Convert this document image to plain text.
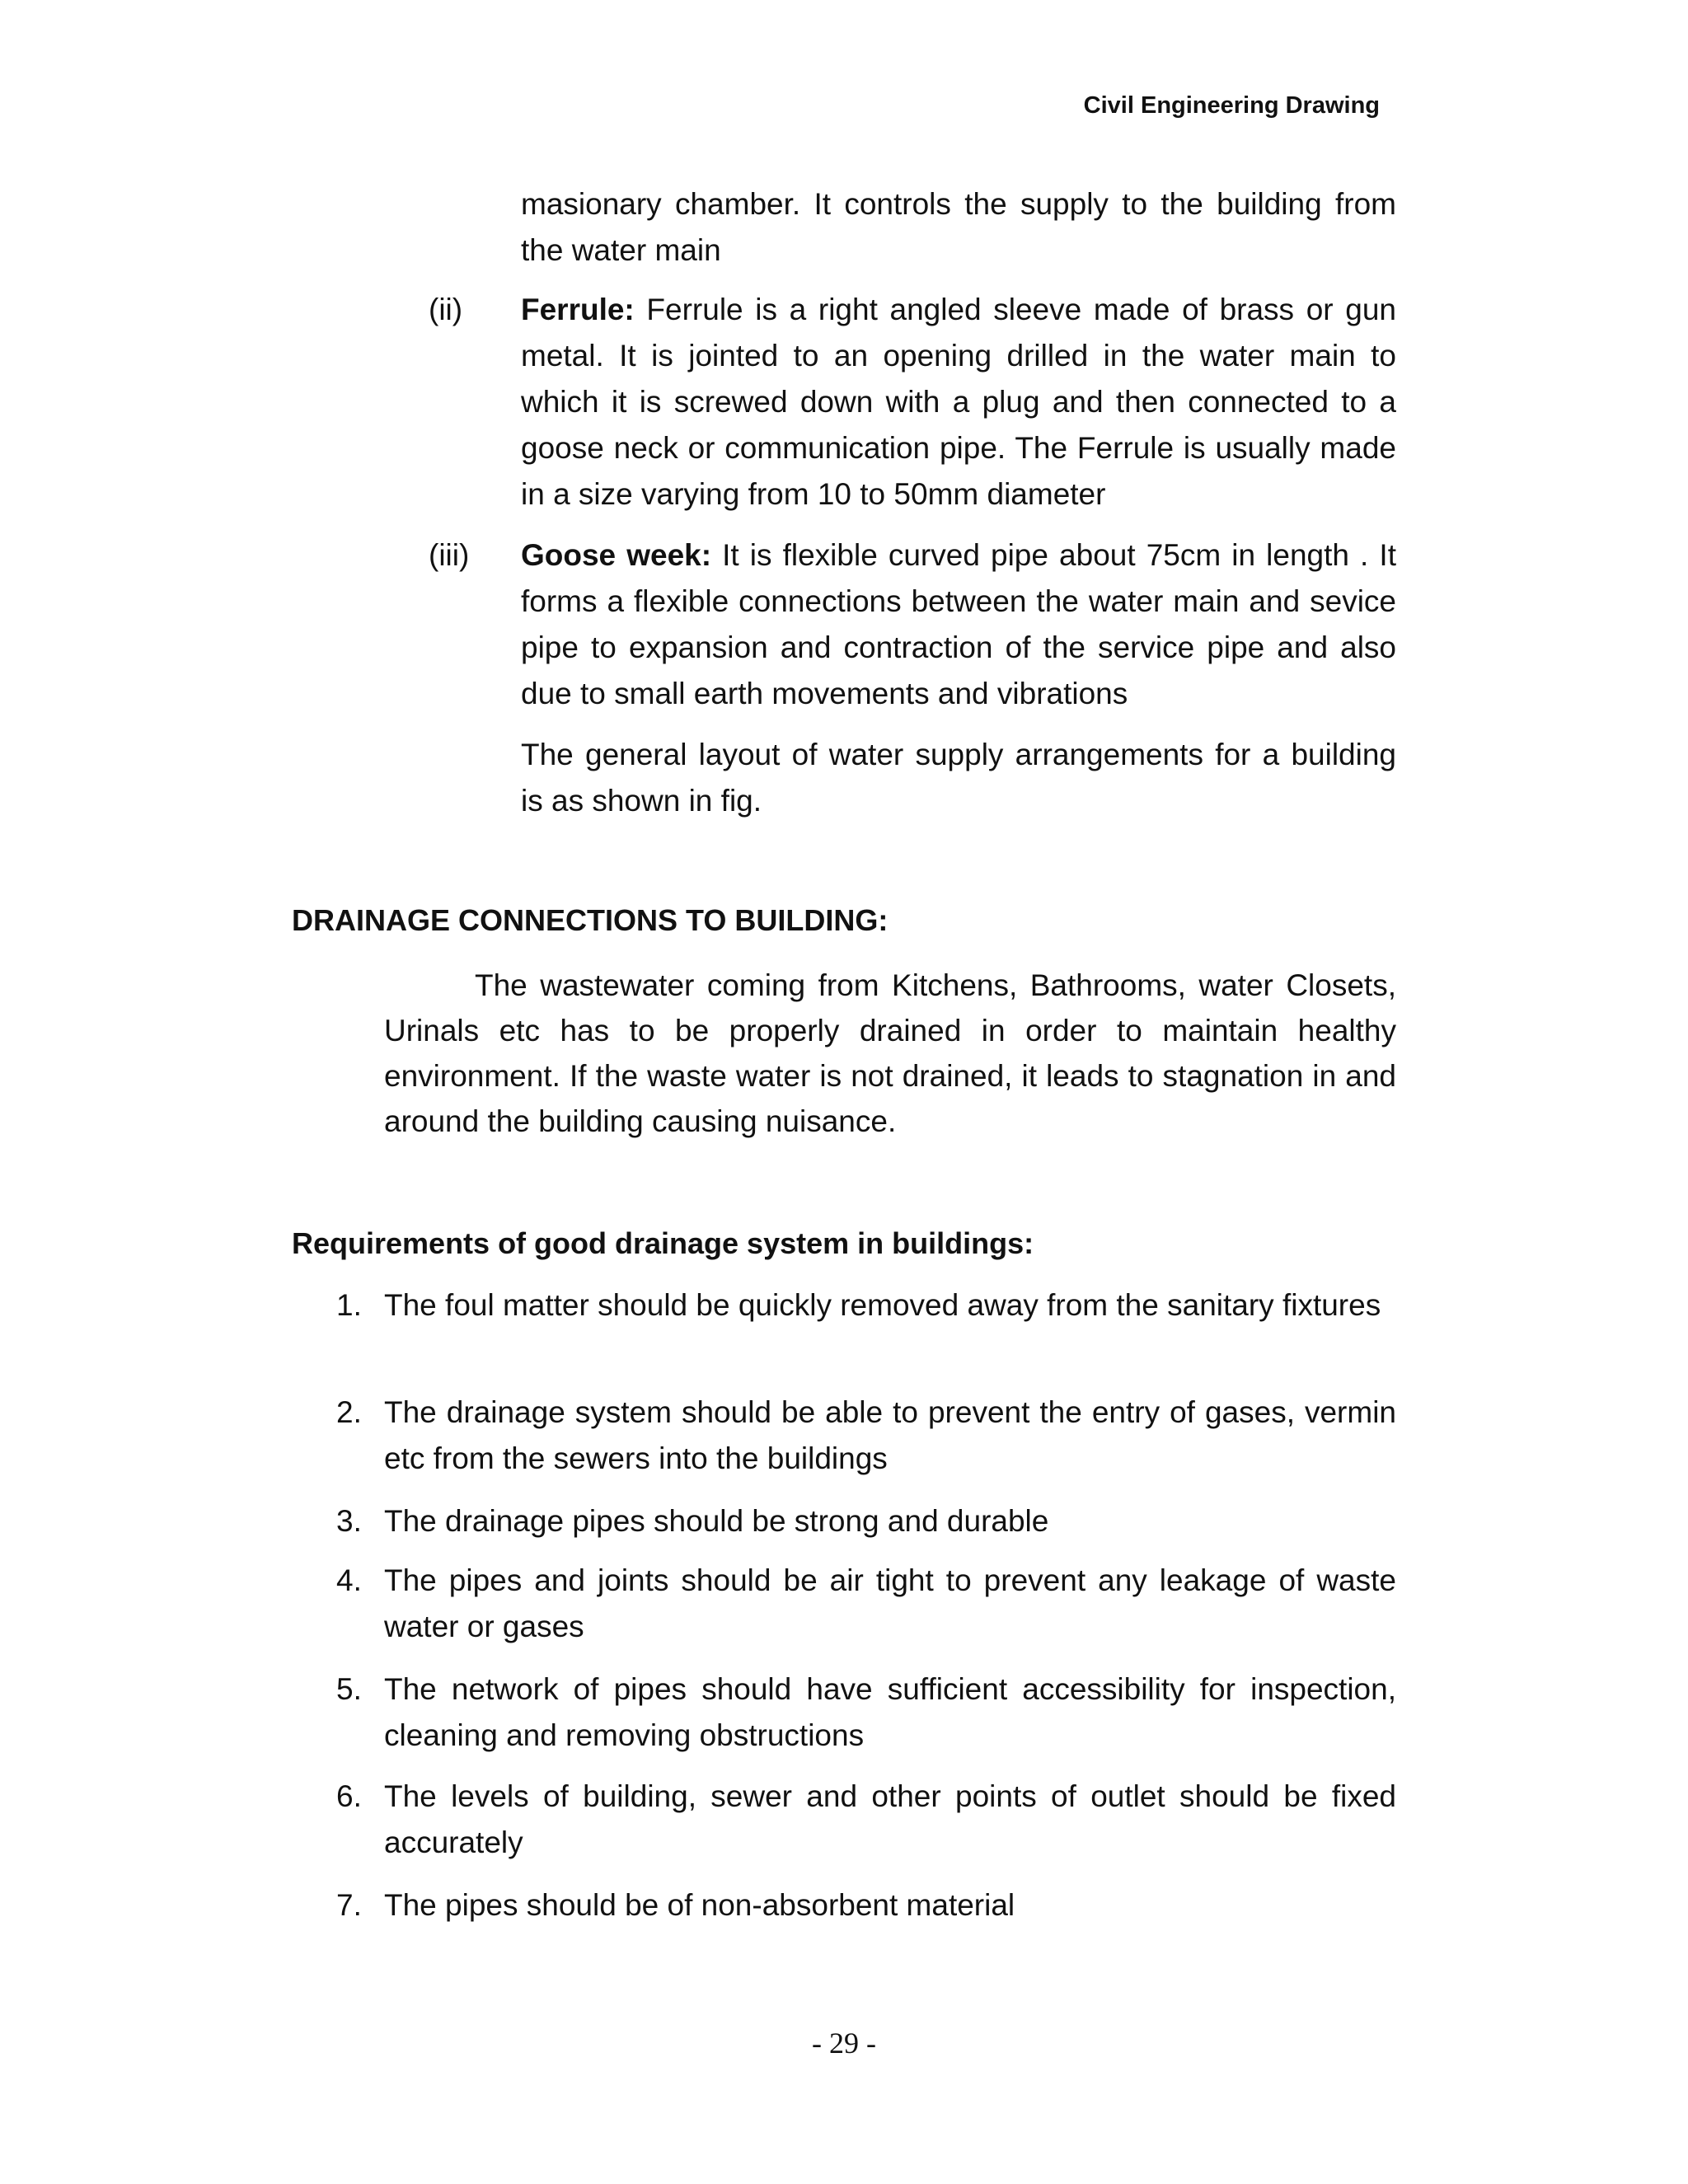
Civil Engineering Drawing
masionary chamber. It controls the supply to the building from the water main
(ii) Ferrule: Ferrule is a right angled sleeve made of brass or gun metal. It is jointed to an opening drilled in the water main to which it is screwed down with a plug and then connected to a goose neck or communication pipe. The Ferrule is usually made in a size varying from 10 to 50mm diameter
(iii) Goose week: It is flexible curved pipe about 75cm in length . It forms a flexible connections between the water main and sevice pipe to expansion and contraction of the service pipe and also due to small earth movements and vibrations
The general layout of water supply arrangements for a building is as shown in fig.
DRAINAGE CONNECTIONS TO BUILDING:
The wastewater coming from Kitchens, Bathrooms, water Closets, Urinals etc has to be properly drained in order to maintain healthy environment. If the waste water is not drained, it leads to stagnation in and around the building causing nuisance.
Requirements of good drainage system in buildings:
1. The foul matter should be quickly removed away from the sanitary fixtures
2. The drainage system should be able to prevent the entry of gases, vermin etc from the sewers into the buildings
3. The drainage pipes should be strong and durable
4. The pipes and joints should be air tight to prevent any leakage of waste water or gases
5. The network of pipes should have sufficient accessibility for inspection, cleaning and removing obstructions
6. The levels of building, sewer and other points of outlet should be fixed accurately
7. The pipes should be of non-absorbent material
- 29 -
